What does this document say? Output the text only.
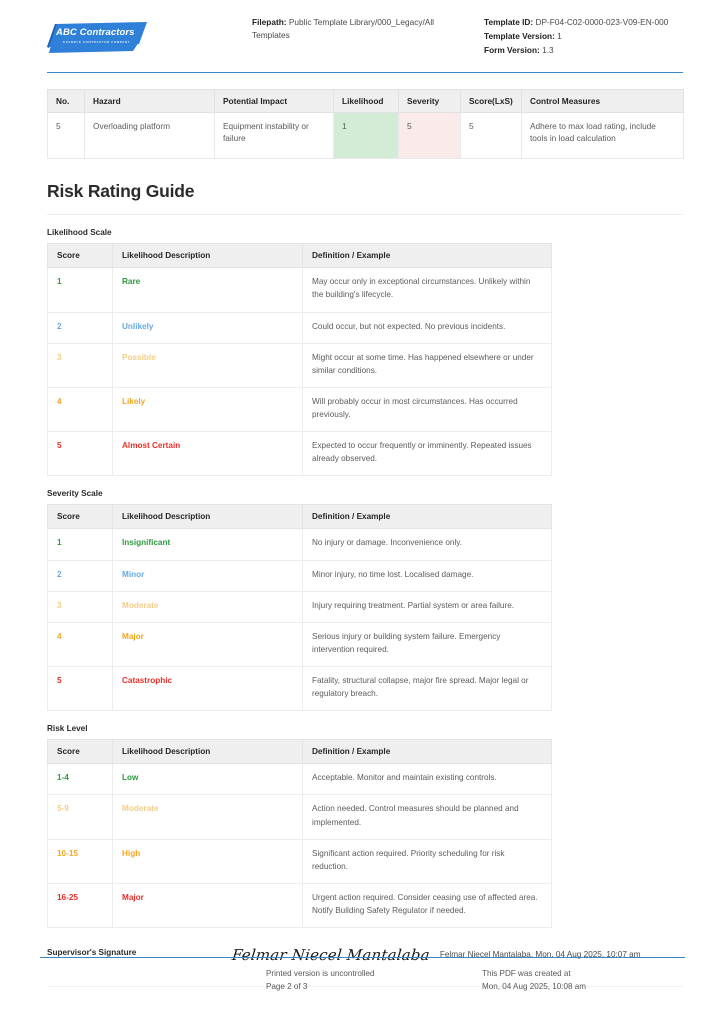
ABC Contractors
EXAMPLE CONTRACTOR COMPANY
Filepath: Public Template Library/000_Legacy/All Templates
Template ID: DP-F04-C02-0000-023-V09-EN-000
Template Version: 1
Form Version: 1.3
No.	Hazard	Potential Impact	Likelihood	Severity	Score(LxS)	Control Measures
5	Overloading platform	Equipment instability or failure	1	5	5	Adhere to max load rating, include tools in load calculation
Risk Rating Guide
Likelihood Scale
Score	Likelihood Description	Definition / Example
1	Rare	May occur only in exceptional circumstances. Unlikely within the building's lifecycle.
2	Unlikely	Could occur, but not expected. No previous incidents.
3	Possible	Might occur at some time. Has happened elsewhere or under similar conditions.
4	Likely	Will probably occur in most circumstances. Has occurred previously.
5	Almost Certain	Expected to occur frequently or imminently. Repeated issues already observed.
Severity Scale
Score	Likelihood Description	Definition / Example
1	Insignificant	No injury or damage. Inconvenience only.
2	Minor	Minor injury, no time lost. Localised damage.
3	Moderate	Injury requiring treatment. Partial system or area failure.
4	Major	Serious injury or building system failure. Emergency intervention required.
5	Catastrophic	Fatality, structural collapse, major fire spread. Major legal or regulatory breach.
Risk Level
Score	Likelihood Description	Definition / Example
1-4	Low	Acceptable. Monitor and maintain existing controls.
5-9	Moderate	Action needed. Control measures should be planned and implemented.
10-15	High	Significant action required. Priority scheduling for risk reduction.
16-25	Major	Urgent action required. Consider ceasing use of affected area. Notify Building Safety Regulator if needed.
Supervisor's Signature	Felmar Niecel Mantalaba	Felmar Niecel Mantalaba, Mon, 04 Aug 2025, 10:07 am
Printed version is uncontrolled
Page 2 of 3
This PDF was created at
Mon, 04 Aug 2025, 10:08 am
